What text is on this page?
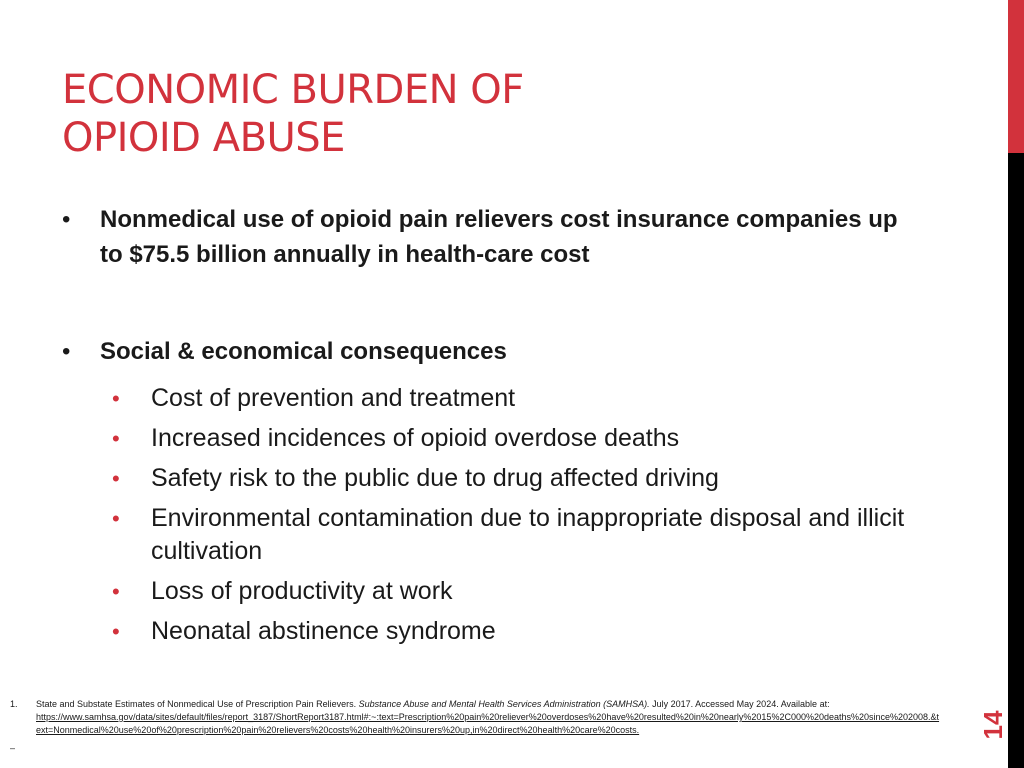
ECONOMIC BURDEN OF
OPIOID ABUSE
• Nonmedical use of opioid pain relievers cost insurance companies up to $75.5 billion annually in health-care cost
• Social & economical consequences
• Cost of prevention and treatment
• Increased incidences of opioid overdose deaths
• Safety risk to the public due to drug affected driving
• Environmental contamination due to inappropriate disposal and illicit cultivation
• Loss of productivity at work
• Neonatal abstinence syndrome
1. State and Substate Estimates of Nonmedical Use of Prescription Pain Relievers. Substance Abuse and Mental Health Services Administration (SAMHSA). July 2017. Accessed May 2024. Available at:
https://www.samhsa.gov/data/sites/default/files/report_3187/ShortReport3187.html#:~:text=Prescription%20pain%20reliever%20overdoses%20have%20resulted%20in%20nearly%2015%2C000%20deaths%20since%202008.&text=Nonmedical%20use%20of%20prescription%20pain%20relievers%20costs%20health%20insurers%20up,in%20direct%20health%20care%20costs.
–
14
